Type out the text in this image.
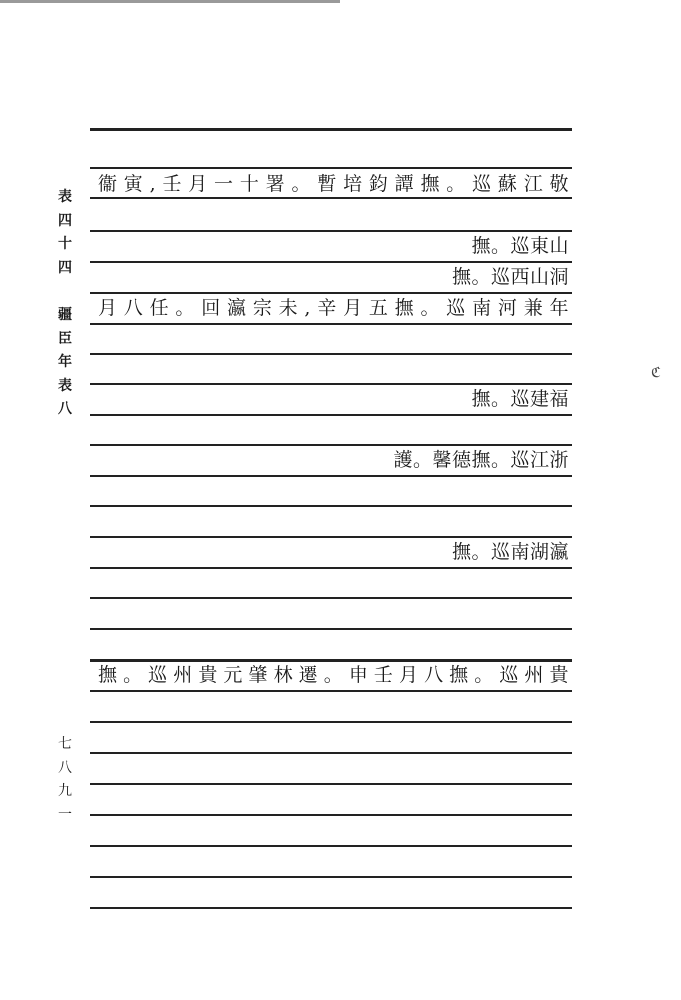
表
四
十
四
疆
臣
年
表
八
七
八
九
一
衞寅,壬月一十署。暫培鈞譚撫。巡蘇江敬
撫。巡東山
撫。巡西山洞
月八任。回瀛宗未,辛月五撫。巡南河兼年
撫。巡建福
護。馨德撫。巡江浙
撫。巡南湖瀛
撫。巡州貴元肇林遷。申壬月八撫。巡州貴
ℭ
